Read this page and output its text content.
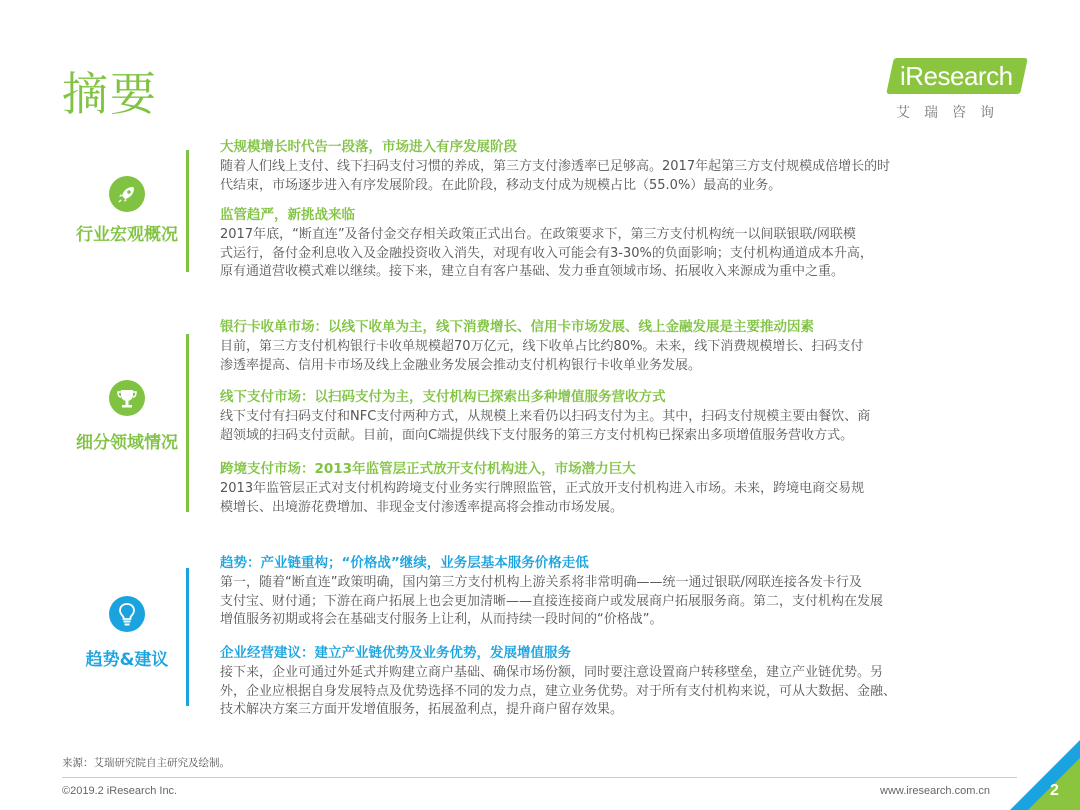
摘要	iResearch
艾瑞咨询
行业宏观概况
大规模增长时代告一段落，市场进入有序发展阶段
随着人们线上支付、线下扫码支付习惯的养成，第三方支付渗透率已足够高。2017年起第三方支付规模成倍增长的时
代结束，市场逐步进入有序发展阶段。在此阶段，移动支付成为规模占比（55.0%）最高的业务。
监管趋严，新挑战来临
2017年底，“断直连”及备付金交存相关政策正式出台。在政策要求下，第三方支付机构统一以间联银联/网联模
式运行，备付金利息收入及金融投资收入消失，对现有收入可能会有3-30%的负面影响；支付机构通道成本升高，
原有通道营收模式难以继续。接下来，建立自有客户基础、发力垂直领域市场、拓展收入来源成为重中之重。
细分领域情况
银行卡收单市场：以线下收单为主，线下消费增长、信用卡市场发展、线上金融发展是主要推动因素
目前，第三方支付机构银行卡收单规模超70万亿元，线下收单占比约80%。未来，线下消费规模增长、扫码支付
渗透率提高、信用卡市场及线上金融业务发展会推动支付机构银行卡收单业务发展。
线下支付市场：以扫码支付为主，支付机构已探索出多种增值服务营收方式
线下支付有扫码支付和NFC支付两种方式，从规模上来看仍以扫码支付为主。其中，扫码支付规模主要由餐饮、商
超领域的扫码支付贡献。目前，面向C端提供线下支付服务的第三方支付机构已探索出多项增值服务营收方式。
跨境支付市场：2013年监管层正式放开支付机构进入，市场潜力巨大
2013年监管层正式对支付机构跨境支付业务实行牌照监管，正式放开支付机构进入市场。未来，跨境电商交易规
模增长、出境游花费增加、非现金支付渗透率提高将会推动市场发展。
趋势&建议
趋势：产业链重构；“价格战”继续，业务层基本服务价格走低
第一，随着“断直连”政策明确，国内第三方支付机构上游关系将非常明确——统一通过银联/网联连接各发卡行及
支付宝、财付通；下游在商户拓展上也会更加清晰——直接连接商户或发展商户拓展服务商。第二，支付机构在发展
增值服务初期或将会在基础支付服务上让利，从而持续一段时间的“价格战”。
企业经营建议：建立产业链优势及业务优势，发展增值服务
接下来，企业可通过外延式并购建立商户基础、确保市场份额，同时要注意设置商户转移壁垒，建立产业链优势。另
外，企业应根据自身发展特点及优势选择不同的发力点，建立业务优势。对于所有支付机构来说，可从大数据、金融、
技术解决方案三方面开发增值服务，拓展盈利点，提升商户留存效果。
来源：艾瑞研究院自主研究及绘制。
©2019.2 iResearch Inc.	www.iresearch.com.cn	2
